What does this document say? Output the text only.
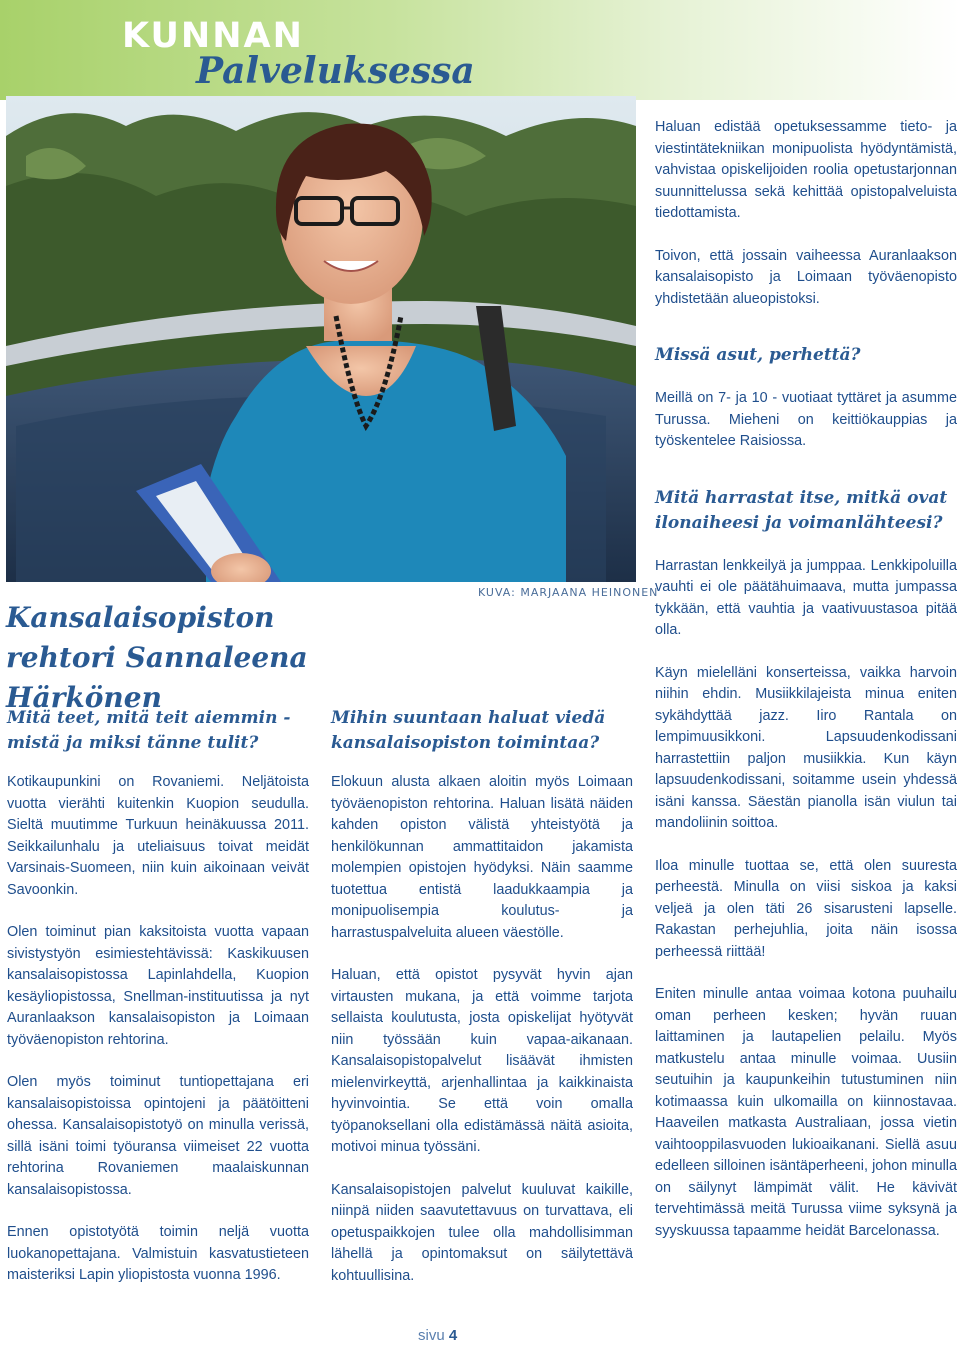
KUNNAN
Palveluksessa
KUVA: MARJAANA HEINONEN
Kansalaisopiston rehtori Sannaleena Härkönen
Mitä teet, mitä teit aiemmin - mistä ja miksi tänne tulit?
Kotikaupunkini on Rovaniemi. Neljätoista vuotta vierähti kuitenkin Kuopion seudulla. Sieltä muutimme Turkuun heinäkuussa 2011. Seikkailunhalu ja uteliaisuus toivat meidät Varsinais-Suomeen, niin kuin aikoinaan veivät Savoonkin.
Olen toiminut pian kaksitoista vuotta vapaan sivistystyön esimiestehtävissä: Kaskikuusen kansalaisopistossa Lapinlahdella, Kuopion kesäyliopistossa, Snellman-instituutissa ja nyt Auranlaakson kansalaisopiston ja Loimaan työväenopiston rehtorina.
Olen myös toiminut tuntiopettajana eri kansalaisopistoissa opintojeni ja päätöitteni ohessa. Kansalaisopistotyö on minulla verissä, sillä isäni toimi työuransa viimeiset 22 vuotta rehtorina Rovaniemen maalaiskunnan kansalaisopistossa.
Ennen opistotyötä toimin neljä vuotta luokanopettajana. Valmistuin kasvatustieteen maisteriksi Lapin yliopistosta vuonna 1996.
Mihin suuntaan haluat viedä kansalaisopiston toimintaa?
Elokuun alusta alkaen aloitin myös Loimaan työväenopiston rehtorina. Haluan lisätä näiden kahden opiston välistä yhteistyötä ja henkilökunnan ammattitaidon jakamista molempien opistojen hyödyksi. Näin saamme tuotettua entistä laadukkaampia ja monipuolisempia koulutus- ja harrastuspalveluita alueen väestölle.
Haluan, että opistot pysyvät hyvin ajan virtausten mukana, ja että voimme tarjota sellaista koulutusta, josta opiskelijat hyötyvät niin työssään kuin vapaa-aikanaan. Kansalaisopistopalvelut lisäävät ihmisten mielenvirkeyttä, arjenhallintaa ja kaikkinaista hyvinvointia. Se että voin omalla työpanoksellani olla edistämässä näitä asioita, motivoi minua työssäni.
Kansalaisopistojen palvelut kuuluvat kaikille, niinpä niiden saavutettavuus on turvattava, eli opetuspaikkojen tulee olla mahdollisimman lähellä ja opintomaksut on säilytettävä kohtuullisina.
Haluan edistää opetuksessamme tieto- ja viestintätekniikan monipuolista hyödyntämistä, vahvistaa opiskelijoiden roolia opetustarjonnan suunnittelussa sekä kehittää opistopalveluista tiedottamista.
Toivon, että jossain vaiheessa Auranlaakson kansalaisopisto ja Loimaan työväenopisto yhdistetään alueopistoksi.
Missä asut, perhettä?
Meillä on 7- ja 10 - vuotiaat tyttäret ja asumme Turussa. Mieheni on keittiökauppias ja työskentelee Raisiossa.
Mitä harrastat itse, mitkä ovat ilonaiheesi ja voimanlähteesi?
Harrastan lenkkeilyä ja jumppaa. Lenkkipoluilla vauhti ei ole päätähuimaava, mutta jumpassa tykkään, että vauhtia ja vaativuustasoa pitää olla.
Käyn mielelläni konserteissa, vaikka harvoin niihin ehdin. Musiikkilajeista minua eniten sykähdyttää jazz. Iiro Rantala on lempimuusikkoni. Lapsuudenkodissani harrastettiin paljon musiikkia. Kun käyn lapsuudenkodissani, soitamme usein yhdessä isäni kanssa. Säestän pianolla isän viulun tai mandoliinin soittoa.
Iloa minulle tuottaa se, että olen suuresta perheestä. Minulla on viisi siskoa ja kaksi veljeä ja olen täti 26 sisarusteni lapselle. Rakastan perhejuhlia, joita näin isossa perheessä riittää!
Eniten minulle antaa voimaa kotona puuhailu oman perheen kesken; hyvän ruuan laittaminen ja lautapelien pelailu. Myös matkustelu antaa minulle voimaa. Uusiin seutuihin ja kaupunkeihin tutustuminen niin kotimaassa kuin ulkomailla on kiinnostavaa. Haaveilen matkasta Australiaan, jossa vietin vaihtooppilasvuoden lukioaikanani. Siellä asuu edelleen silloinen isäntäperheeni, johon minulla on säilynyt lämpimät välit. He kävivät tervehtimässä meitä Turussa viime syksynä ja syyskuussa tapaamme heidät Barcelonassa.
sivu 4
